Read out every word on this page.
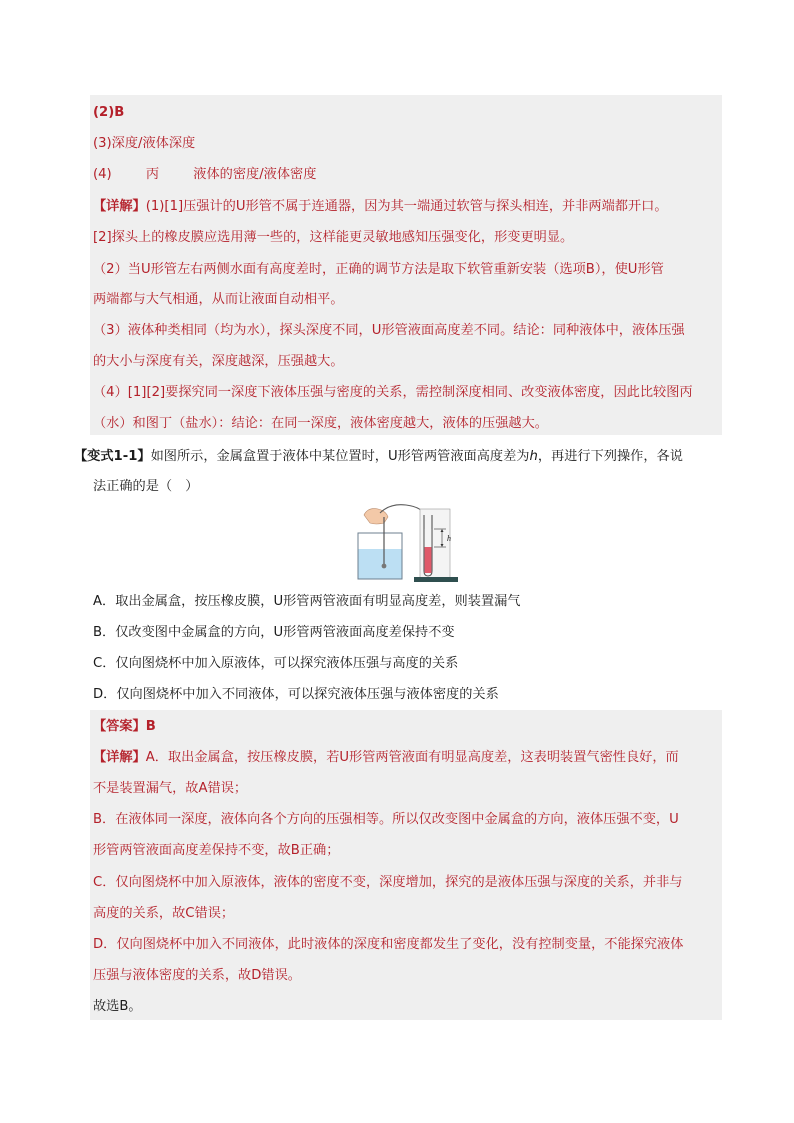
(2)B
(3)深度/液体深度
(4)	丙	液体的密度/液体密度
【详解】(1)[1]压强计的U形管不属于连通器，因为其一端通过软管与探头相连，并非两端都开口。
[2]探头上的橡皮膜应选用薄一些的，这样能更灵敏地感知压强变化，形变更明显。
（2）当U形管左右两侧水面有高度差时，正确的调节方法是取下软管重新安装（选项B），使U形管
两端都与大气相通，从而让液面自动相平。
（3）液体种类相同（均为水），探头深度不同，U形管液面高度差不同。结论：同种液体中，液体压强
的大小与深度有关，深度越深，压强越大。
（4）[1][2]要探究同一深度下液体压强与密度的关系，需控制深度相同、改变液体密度，因此比较图丙
（水）和图丁（盐水）：结论：在同一深度，液体密度越大，液体的压强越大。
【变式1-1】如图所示，金属盒置于液体中某位置时，U形管两管液面高度差为h，再进行下列操作，各说
法正确的是（　）
h
A．取出金属盒，按压橡皮膜，U形管两管液面有明显高度差，则装置漏气
B．仅改变图中金属盒的方向，U形管两管液面高度差保持不变
C．仅向图烧杯中加入原液体，可以探究液体压强与高度的关系
D．仅向图烧杯中加入不同液体，可以探究液体压强与液体密度的关系
【答案】B
【详解】A．取出金属盒，按压橡皮膜，若U形管两管液面有明显高度差，这表明装置气密性良好，而
不是装置漏气，故A错误；
B．在液体同一深度，液体向各个方向的压强相等。所以仅改变图中金属盒的方向，液体压强不变，U
形管两管液面高度差保持不变，故B正确；
C．仅向图烧杯中加入原液体，液体的密度不变，深度增加，探究的是液体压强与深度的关系，并非与
高度的关系，故C错误；
D．仅向图烧杯中加入不同液体，此时液体的深度和密度都发生了变化，没有控制变量，不能探究液体
压强与液体密度的关系，故D错误。
故选B。
